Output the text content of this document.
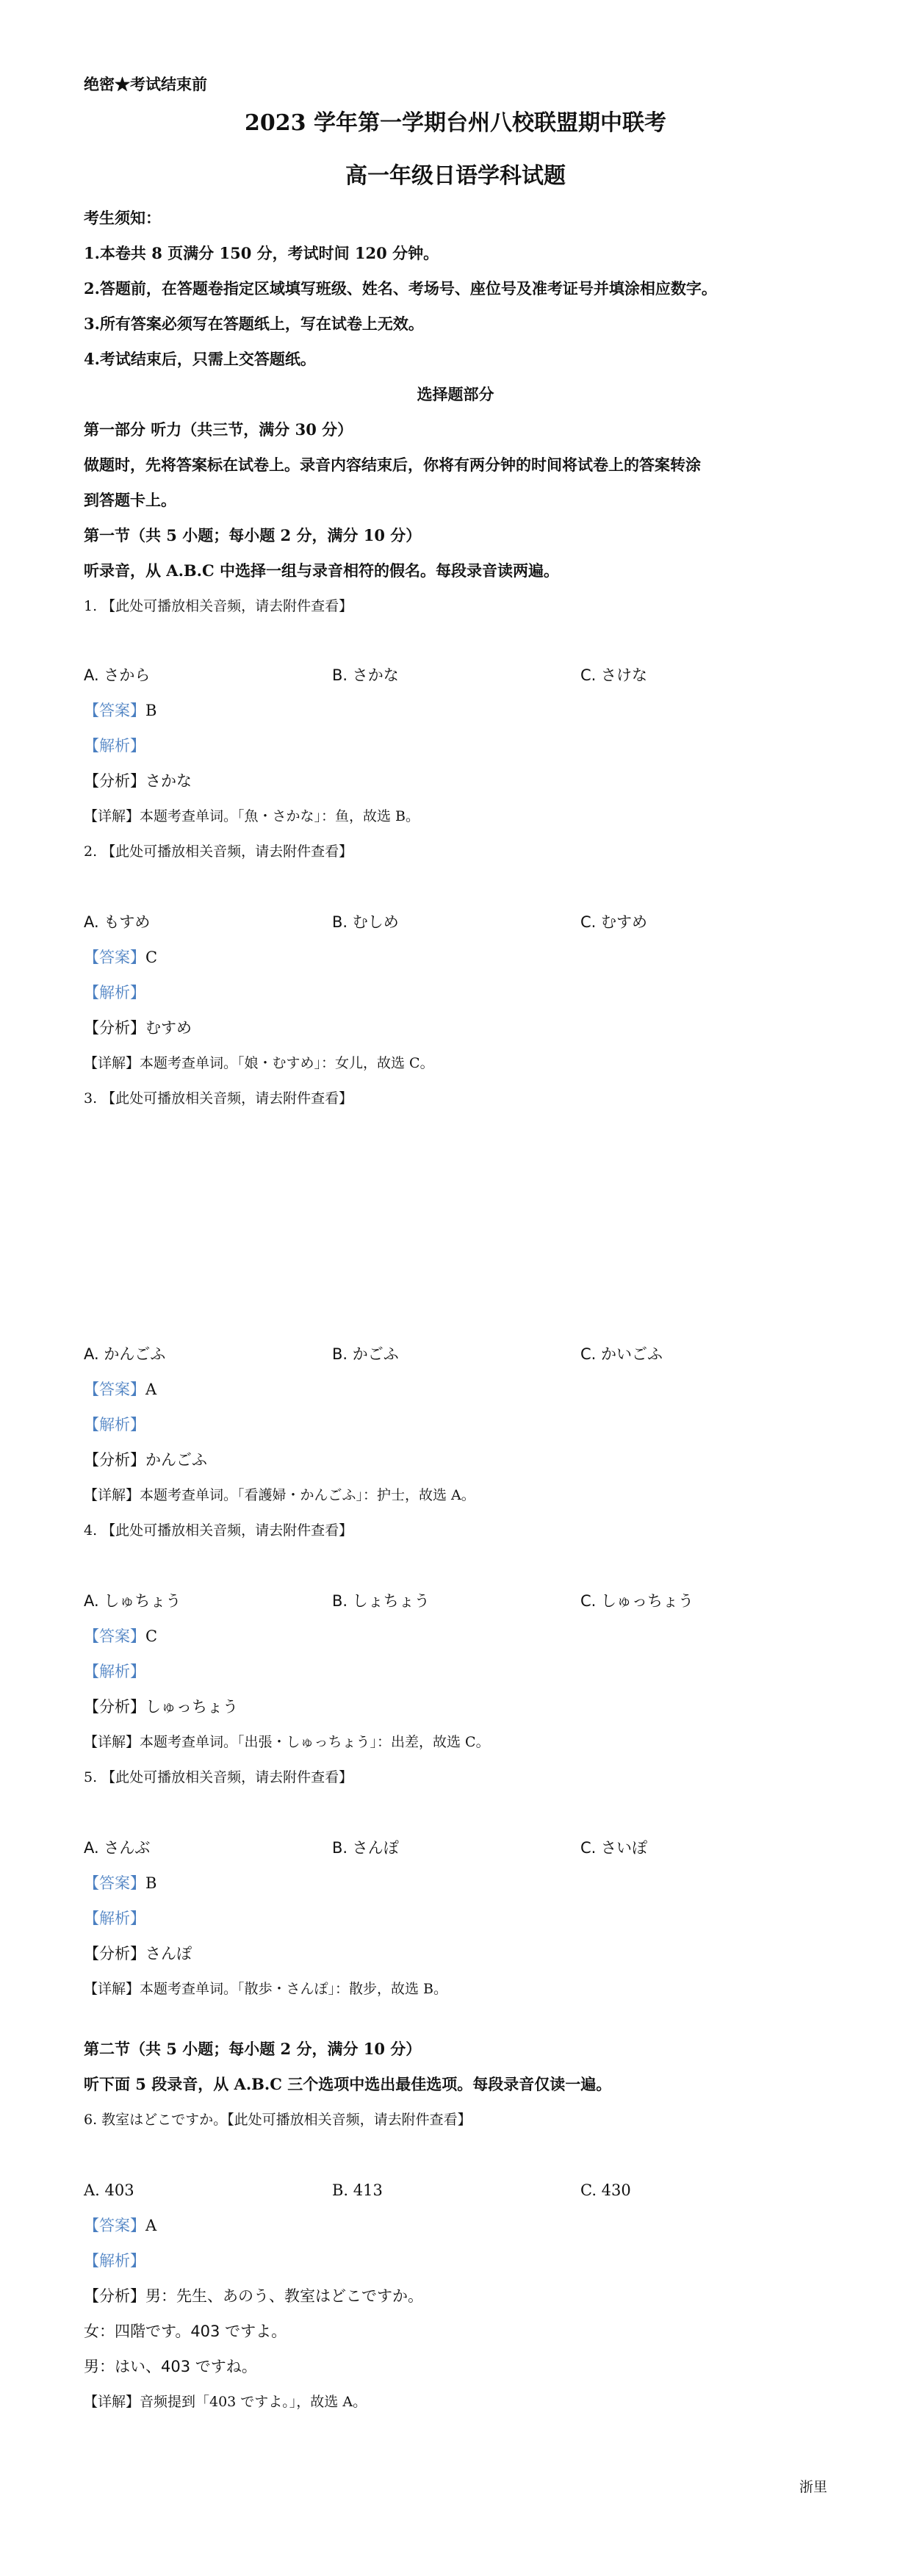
绝密★考试结束前
2023 学年第一学期台州八校联盟期中联考
高一年级日语学科试题
考生须知：
1.本卷共 8 页满分 150 分，考试时间 120 分钟。
2.答题前，在答题卷指定区域填写班级、姓名、考场号、座位号及准考证号并填涂相应数字。
3.所有答案必须写在答题纸上，写在试卷上无效。
4.考试结束后，只需上交答题纸。
选择题部分
第一部分 听力（共三节，满分 30 分）
做题时，先将答案标在试卷上。录音内容结束后，你将有两分钟的时间将试卷上的答案转涂
到答题卡上。
第一节（共 5 小题；每小题 2 分，满分 10 分）
听录音，从 A.B.C 中选择一组与录音相符的假名。每段录音读两遍。
1. 【此处可播放相关音频，请去附件查看】
A. さから	B. さかな	C. さけな
【答案】B
【解析】
【分析】さかな
【详解】本题考查单词。「魚・さかな」：鱼，故选 B。
2. 【此处可播放相关音频，请去附件查看】
A. もすめ	B. むしめ	C. むすめ
【答案】C
【解析】
【分析】むすめ
【详解】本题考查单词。「娘・むすめ」：女儿，故选 C。
3. 【此处可播放相关音频，请去附件查看】
A. かんごふ	B. かごふ	C. かいごふ
【答案】A
【解析】
【分析】かんごふ
【详解】本题考查单词。「看護婦・かんごふ」：护士，故选 A。
4. 【此处可播放相关音频，请去附件查看】
A. しゅちょう	B. しょちょう	C. しゅっちょう
【答案】C
【解析】
【分析】しゅっちょう
【详解】本题考查单词。「出張・しゅっちょう」：出差，故选 C。
5. 【此处可播放相关音频，请去附件查看】
A. さんぶ	B. さんぽ	C. さいぽ
【答案】B
【解析】
【分析】さんぽ
【详解】本题考查单词。「散歩・さんぽ」：散步，故选 B。
第二节（共 5 小题；每小题 2 分，满分 10 分）
听下面 5 段录音，从 A.B.C 三个选项中选出最佳选项。每段录音仅读一遍。
6. 教室はどこですか。【此处可播放相关音频，请去附件查看】
A. 403	B. 413	C. 430
【答案】A
【解析】
【分析】男：先生、あのう、教室はどこですか。
女：四階です。403 ですよ。
男：はい、403 ですね。
【详解】音频提到「403 ですよ。」，故选 A。
浙里
